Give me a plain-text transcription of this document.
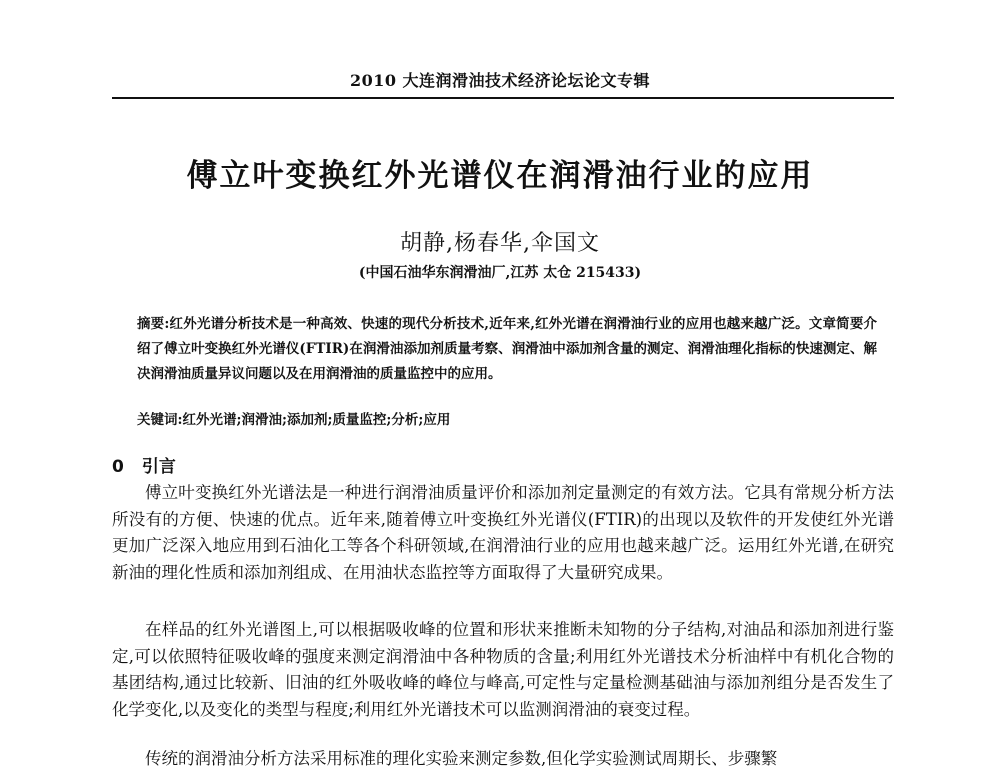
2010 大连润滑油技术经济论坛论文专辑
傅立叶变换红外光谱仪在润滑油行业的应用
胡静,杨春华,伞国文
(中国石油华东润滑油厂,江苏 太仓 215433)
摘要:红外光谱分析技术是一种高效、快速的现代分析技术,近年来,红外光谱在润滑油行业的应用也越来越广泛。文章简要介绍了傅立叶变换红外光谱仪(FTIR)在润滑油添加剂质量考察、润滑油中添加剂含量的测定、润滑油理化指标的快速测定、解决润滑油质量异议问题以及在用润滑油的质量监控中的应用。
关键词:红外光谱;润滑油;添加剂;质量监控;分析;应用
0 引言

傅立叶变换红外光谱法是一种进行润滑油质量评价和添加剂定量测定的有效方法。它具有常规分析方法所没有的方便、快速的优点。近年来,随着傅立叶变换红外光谱仪(FTIR)的出现以及软件的开发使红外光谱更加广泛深入地应用到石油化工等各个科研领域,在润滑油行业的应用也越来越广泛。运用红外光谱,在研究新油的理化性质和添加剂组成、在用油状态监控等方面取得了大量研究成果。

在样品的红外光谱图上,可以根据吸收峰的位置和形状来推断未知物的分子结构,对油品和添加剂进行鉴定,可以依照特征吸收峰的强度来测定润滑油中各种物质的含量;利用红外光谱技术分析油样中有机化合物的基团结构,通过比较新、旧油的红外吸收峰的峰位与峰高,可定性与定量检测基础油与添加剂组分是否发生了化学变化,以及变化的类型与程度;利用红外光谱技术可以监测润滑油的衰变过程。

传统的润滑油分析方法采用标准的理化实验来测定参数,但化学实验测试周期长、步骤繁
